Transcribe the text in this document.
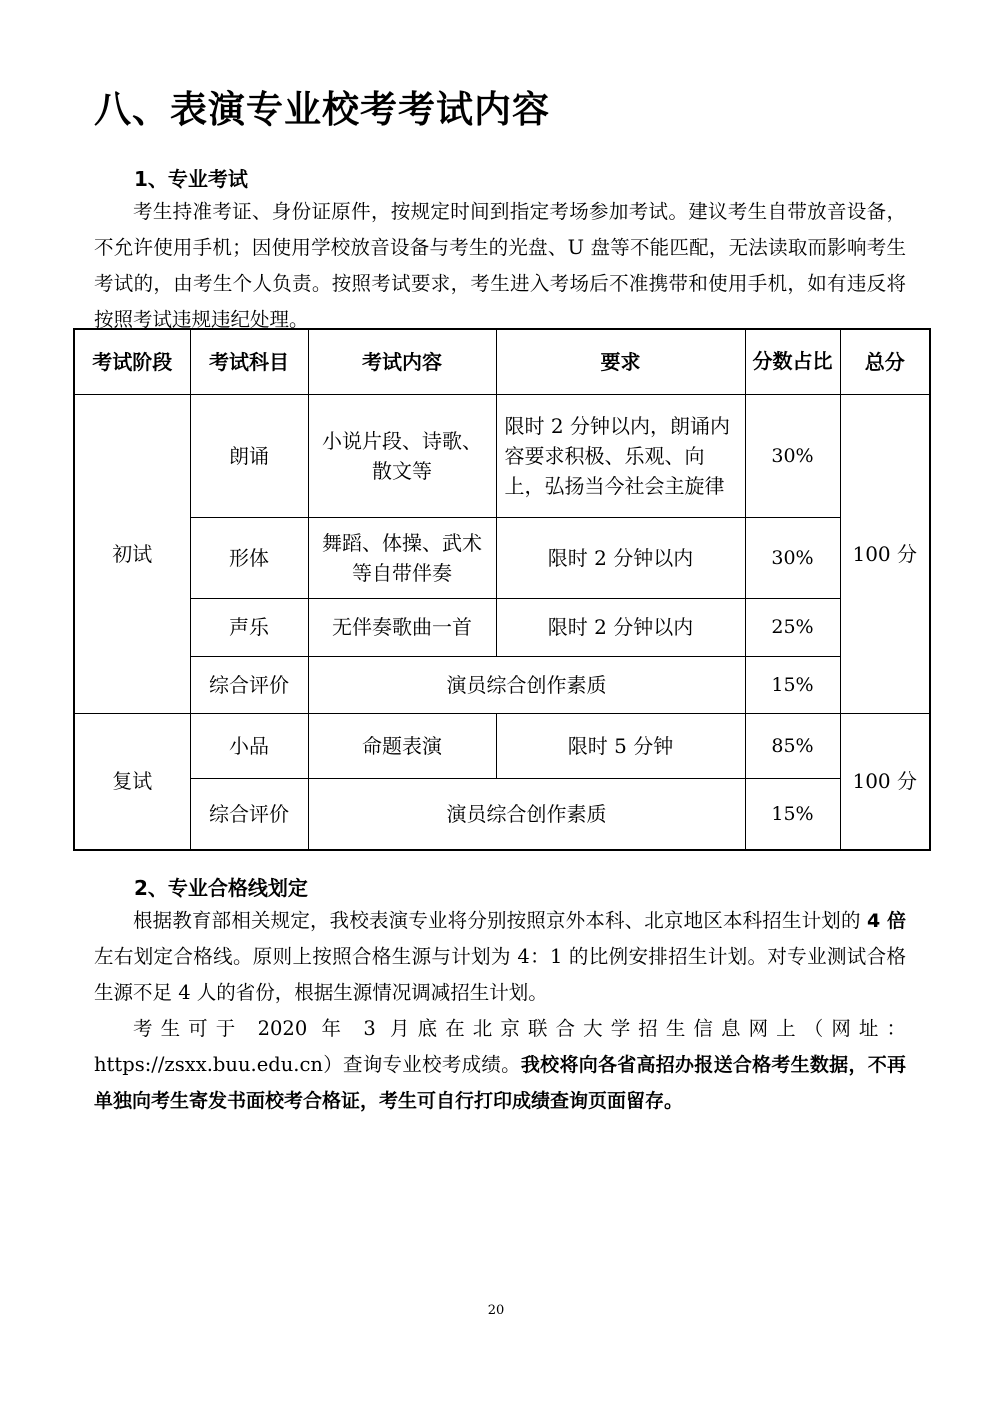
八、表演专业校考考试内容
1、专业考试

考生持准考证、身份证原件，按规定时间到指定考场参加考试。建议考生自带放音设备，不允许使用手机；因使用学校放音设备与考生的光盘、U 盘等不能匹配，无法读取而影响考生考试的，由考生个人负责。按照考试要求，考生进入考场后不准携带和使用手机，如有违反将按照考试违规违纪处理。

考试阶段	考试科目	考试内容	要求	分数占比	总分
初试	朗诵	小说片段、诗歌、散文等	限时 2 分钟以内，朗诵内容要求积极、乐观、向上，弘扬当今社会主旋律	30%	100 分
	形体	舞蹈、体操、武术等自带伴奏	限时 2 分钟以内	30%	
	声乐	无伴奏歌曲一首	限时 2 分钟以内	25%	
	综合评价	演员综合创作素质		15%	
复试	小品	命题表演	限时 5 分钟	85%	100 分
	综合评价	演员综合创作素质		15%	
2、专业合格线划定

根据教育部相关规定，我校表演专业将分别按照京外本科、北京地区本科招生计划的 4 倍左右划定合格线。原则上按照合格生源与计划为 4：1 的比例安排招生计划。对专业测试合格生源不足 4 人的省份，根据生源情况调减招生计划。

考生可于 2020 年 3 月底在北京联合大学招生信息网上（网址：https://zsxx.buu.edu.cn）查询专业校考成绩。我校将向各省高招办报送合格考生数据，不再单独向考生寄发书面校考合格证，考生可自行打印成绩查询页面留存。

20
